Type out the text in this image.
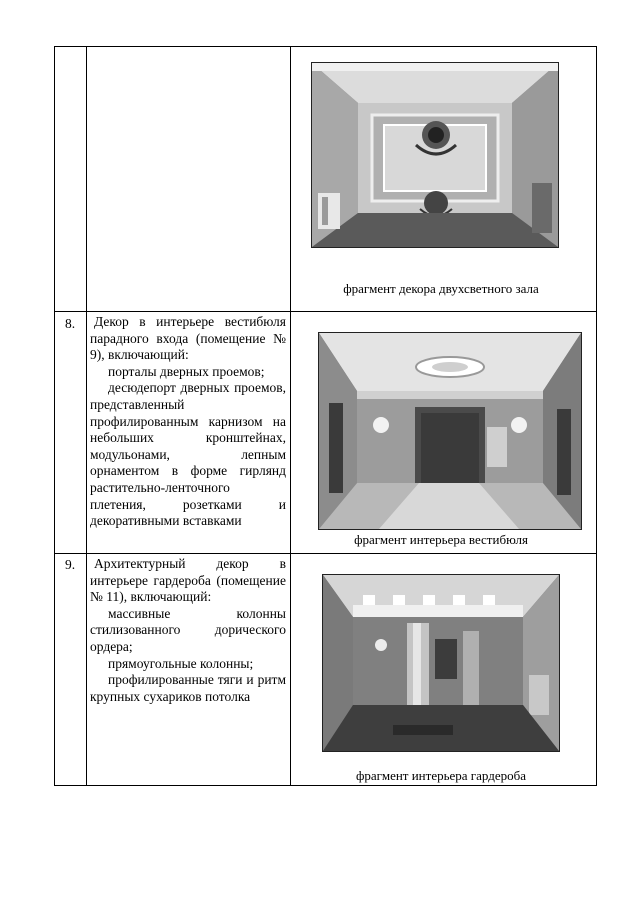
фрагмент декора двухсветного зала
8.	Декор в интерьере вестибюля парадного входа (помещение № 9), включающий:

порталы дверных проемов;

десюдепорт дверных проемов, представленный профилированным карнизом на небольших кронштейнах, модульонами, лепным орнаментом в форме гирлянд растительно-ленточного плетения, розетками и декоративными вставками

фрагмент интерьера вестибюля
9.	Архитектурный декор в интерьере гардероба (помещение № 11), включающий:

массивные колонны стилизованного дорического ордера;

прямоугольные колонны;

профилированные тяги и ритм крупных сухариков потолка

фрагмент интерьера гардероба
